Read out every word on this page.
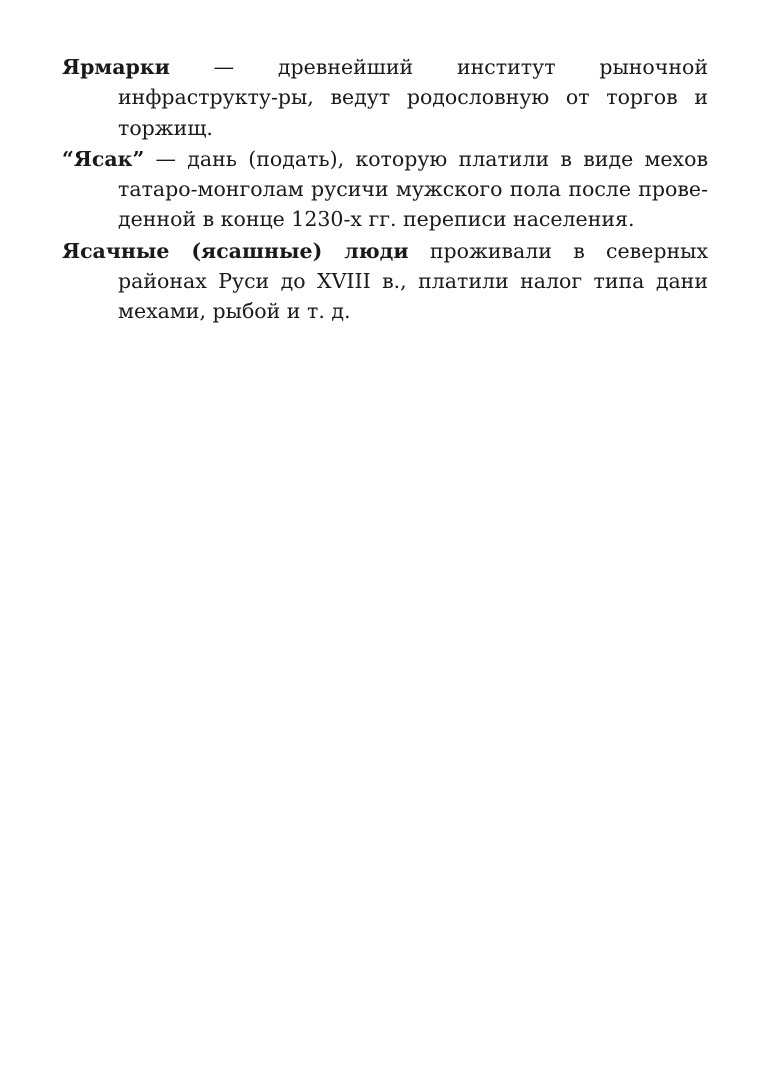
Ярмарки — древнейший институт рыночной инфраструкту-ры, ведут родословную от торгов и торжищ.

“Ясак” — дань (подать), которую платили в виде мехов татаро-монголам русичи мужского пола после прове-денной в конце 1230-х гг. переписи населения.

Ясачные (ясашные) люди проживали в северных районах Руси до XVIII в., платили налог типа дани мехами, рыбой и т. д.
